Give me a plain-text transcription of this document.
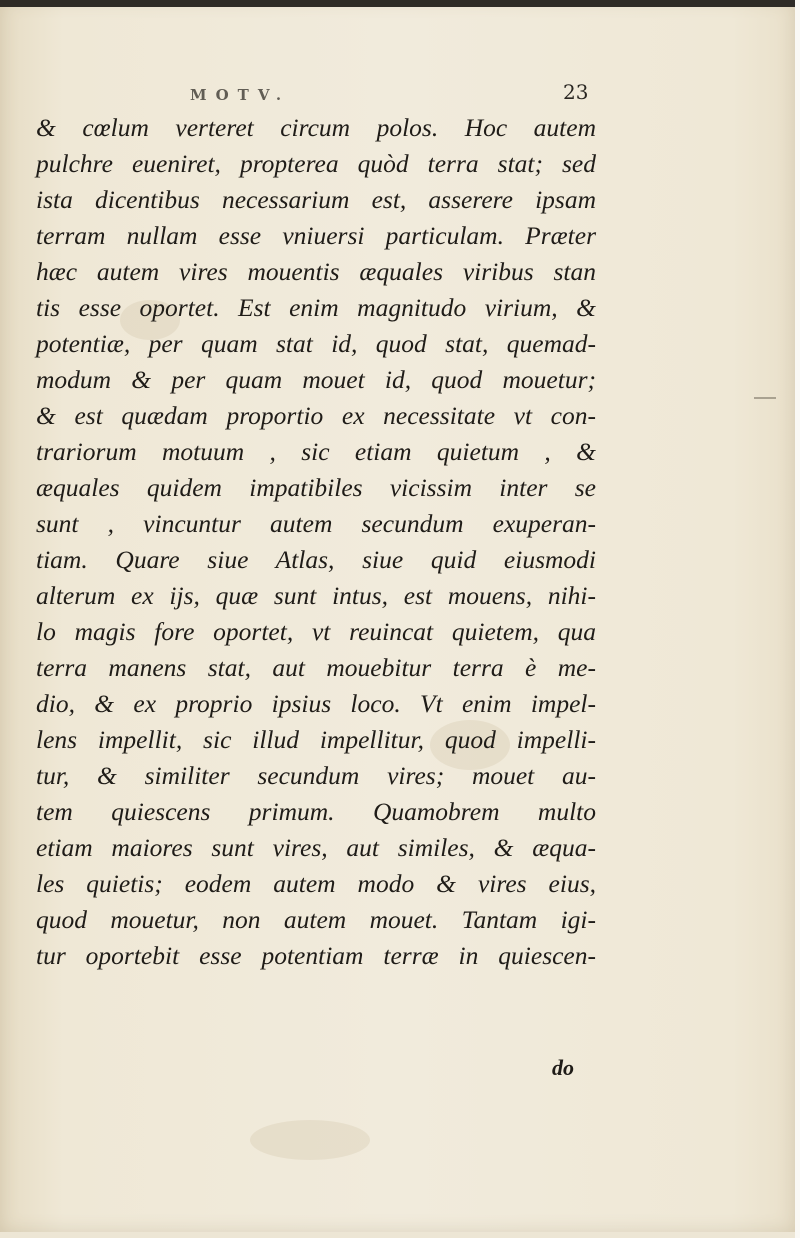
MOTV.	23
& cœlum verteret circum polos. Hoc autem
pulchre eueniret, propterea quòd terra stat; sed
ista dicentibus necessarium est, asserere ipsam
terram nullam esse vniuersi particulam. Præter
hæc autem vires mouentis æquales viribus stan
tis esse oportet. Est enim magnitudo virium, &
potentiæ, per quam stat id, quod stat, quemad-
modum & per quam mouet id, quod mouetur;
& est quædam proportio ex necessitate vt con-
trariorum motuum , sic etiam quietum , &
æquales quidem impatibiles vicissim inter se
sunt , vincuntur autem secundum exuperan-
tiam. Quare siue Atlas, siue quid eiusmodi
alterum ex ijs, quæ sunt intus, est mouens, nihi-
lo magis fore oportet, vt reuincat quietem, qua
terra manens stat, aut mouebitur terra è me-
dio, & ex proprio ipsius loco. Vt enim impel-
lens impellit, sic illud impellitur, quod impelli-
tur, & similiter secundum vires; mouet au-
tem quiescens primum. Quamobrem multo
etiam maiores sunt vires, aut similes, & æqua-
les quietis; eodem autem modo & vires eius,
quod mouetur, non autem mouet. Tantam igi-
tur oportebit esse potentiam terræ in quiescen-
do
